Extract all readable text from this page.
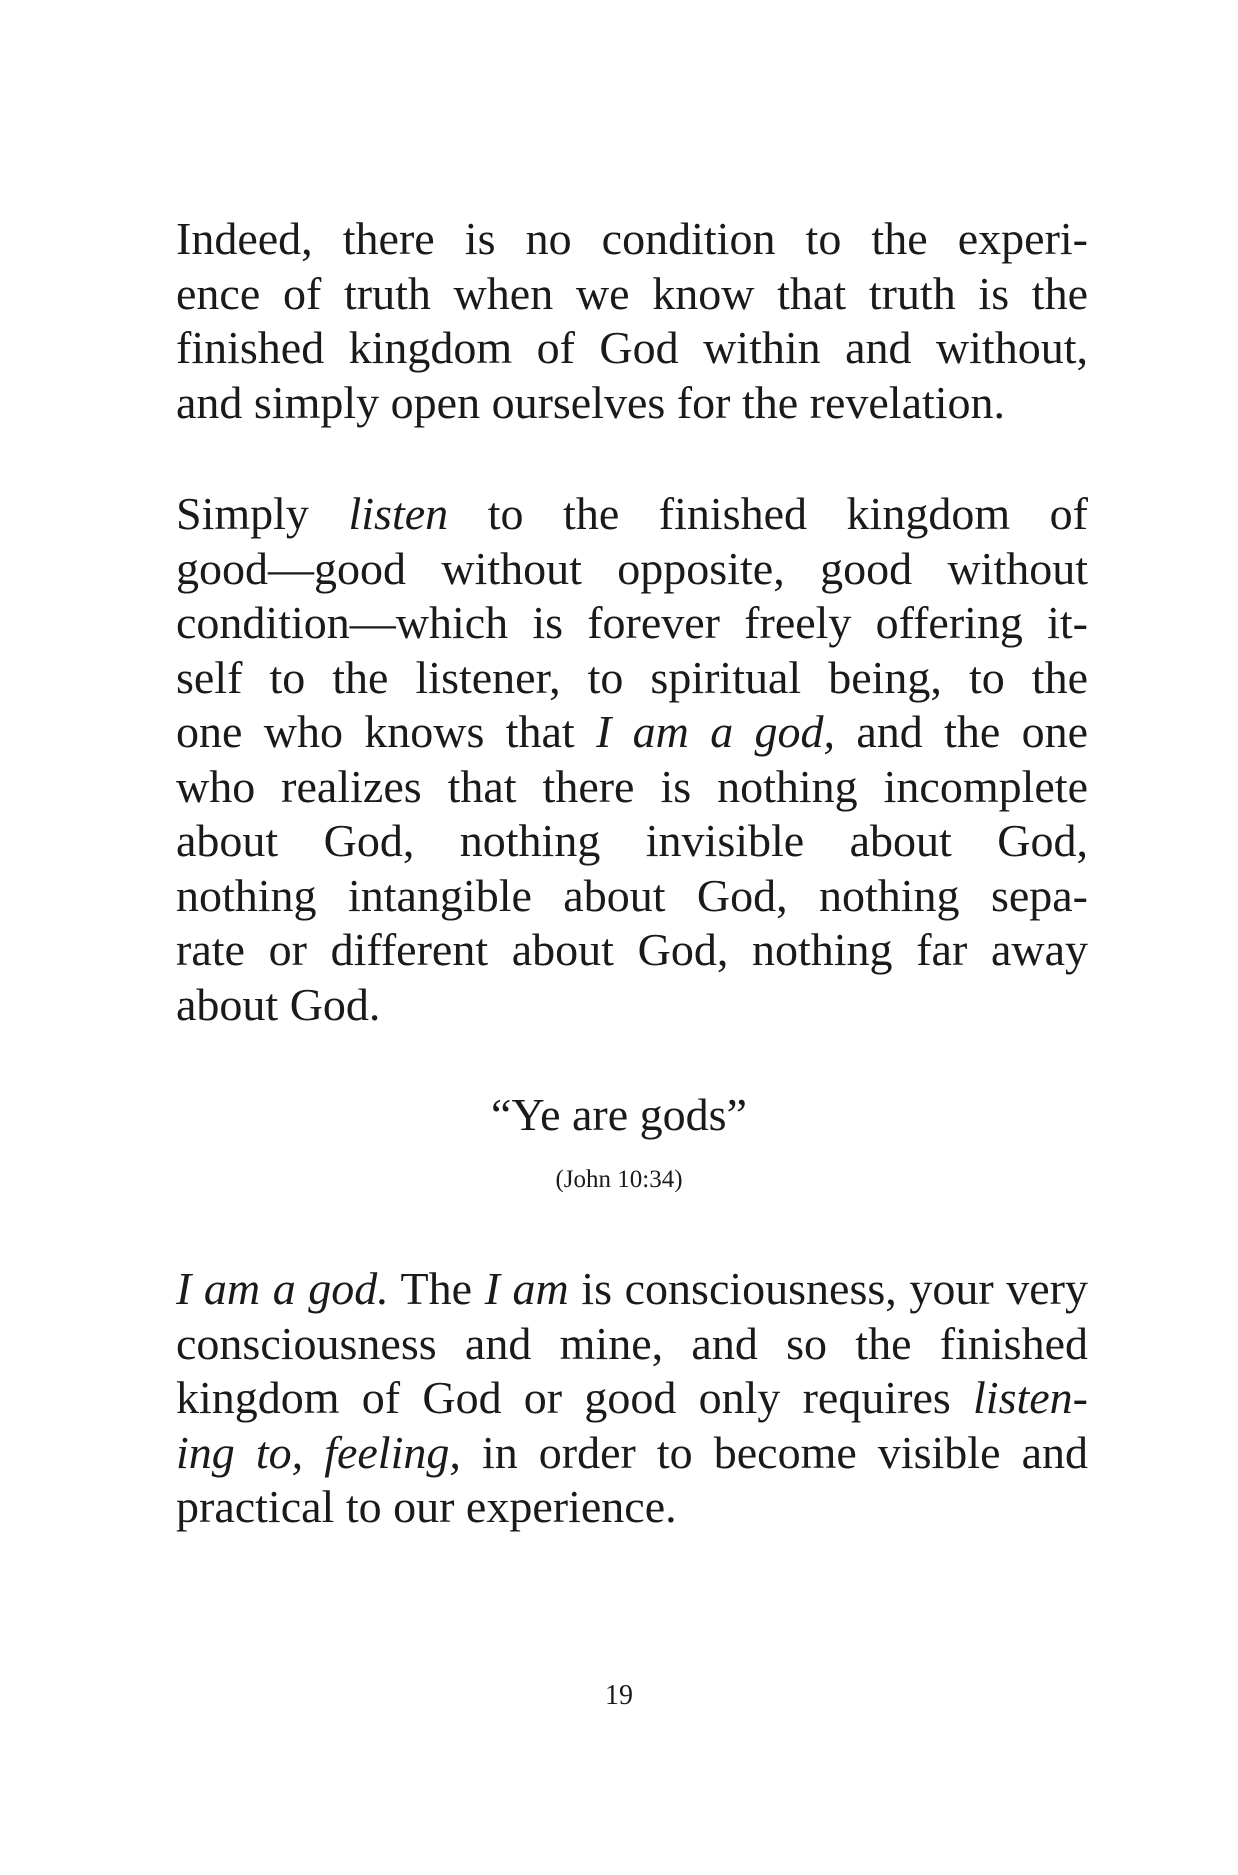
Indeed, there is no condition to the experi-
ence of truth when we know that truth is the
finished kingdom of God within and without,
and simply open ourselves for the revelation.
Simply listen to the finished kingdom of
good—good without opposite, good without
condition—which is forever freely offering it-
self to the listener, to spiritual being, to the
one who knows that I am a god, and the one
who realizes that there is nothing incomplete
about God, nothing invisible about God,
nothing intangible about God, nothing sepa-
rate or different about God, nothing far away
about God.

“Ye are gods”

(John 10:34)

I am a god. The I am is consciousness, your very
consciousness and mine, and so the finished
kingdom of God or good only requires listen-
ing to, feeling, in order to become visible and
practical to our experience.

19
